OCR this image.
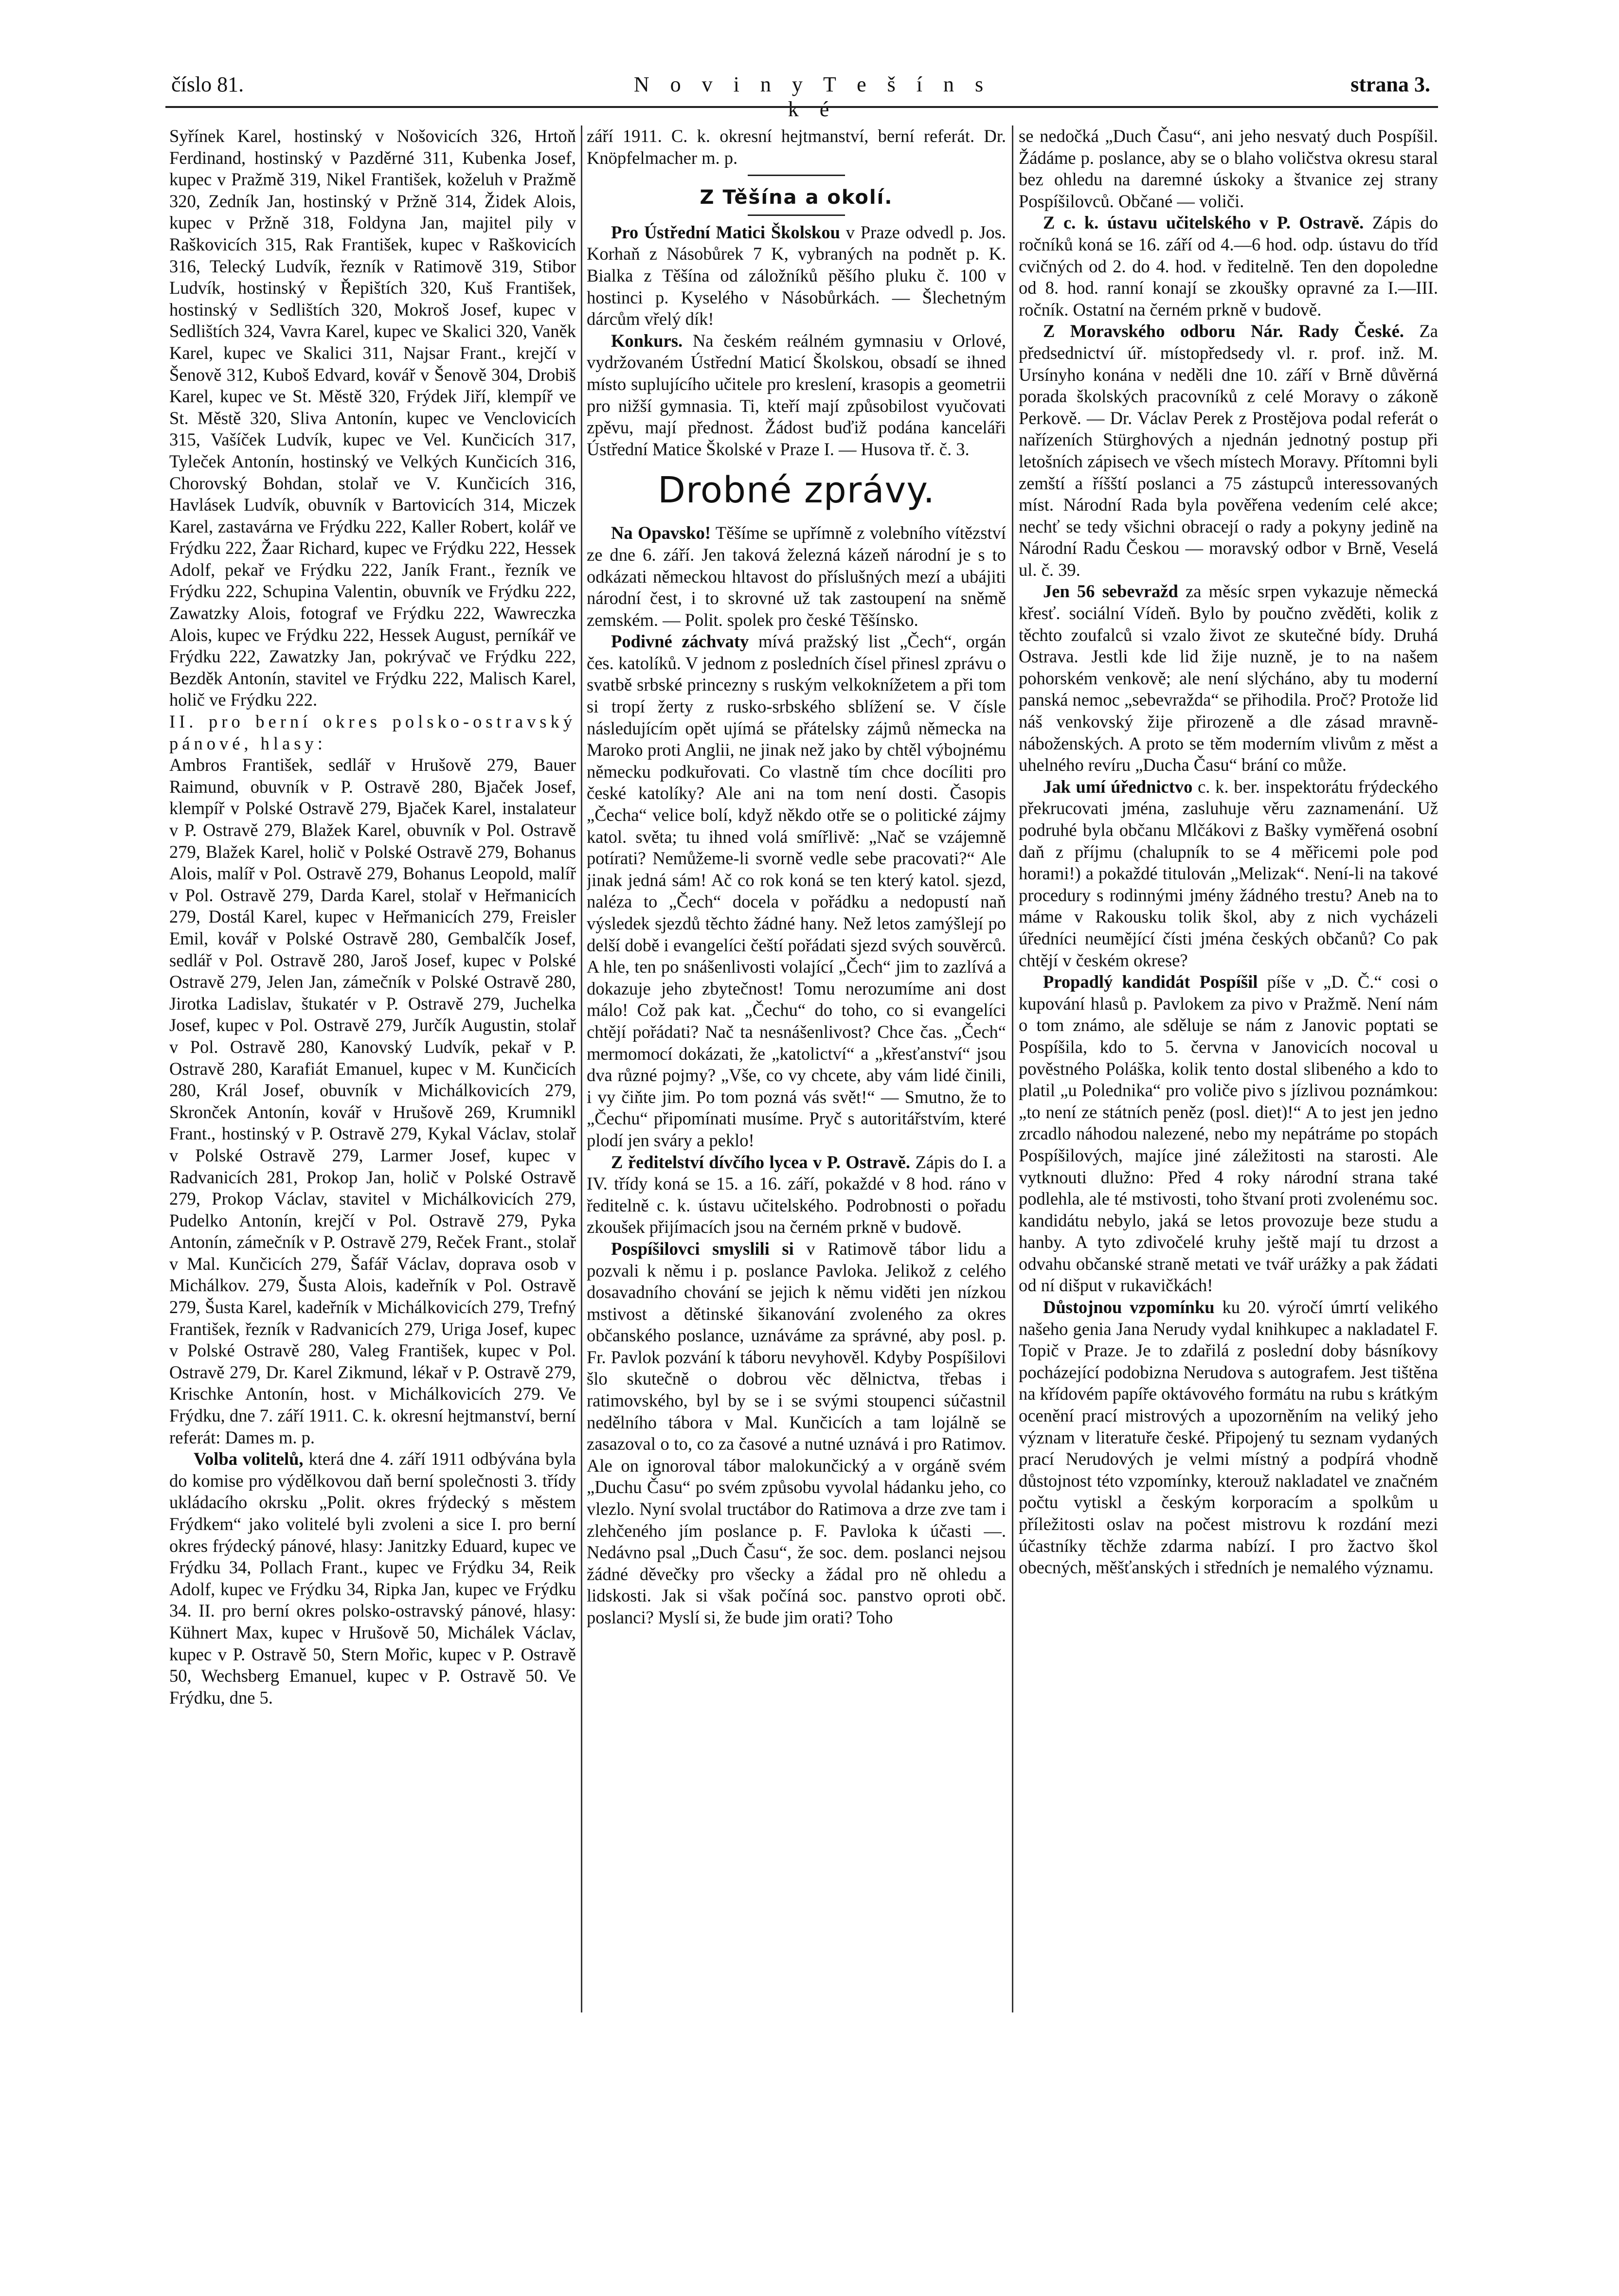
číslo 81.	N o v i n y T e š í n s k é
strana 3.

Syřínek Karel, hostinský v Nošovicích 326, Hrtoň Ferdinand, hostinský v Pazděrné 311, Kubenka Josef, kupec v Pražmě 319, Nikel František, koželuh v Pražmě 320, Zedník Jan, hostinský v Pržně 314, Židek Alois, kupec v Pržně 318, Foldyna Jan, majitel pily v Raškovicích 315, Rak František, kupec v Raškovicích 316, Telecký Ludvík, řezník v Ratimově 319, Stibor Ludvík, hostinský v Řepištích 320, Kuš František, hostinský v Sedlištích 320, Mokroš Josef, kupec v Sedlištích 324, Vavra Karel, kupec ve Skalici 320, Vaněk Karel, kupec ve Skalici 311, Najsar Frant., krejčí v Šenově 312, Kuboš Edvard, kovář v Šenově 304, Drobiš Karel, kupec ve St. Městě 320, Frýdek Jiří, klempíř ve St. Městě 320, Sliva Antonín, kupec ve Venclovicích 315, Vašíček Ludvík, kupec ve Vel. Kunčicích 317, Tyleček Antonín, hostinský ve Velkých Kunčicích 316, Chorovský Bohdan, stolař ve V. Kunčicích 316, Havlásek Ludvík, obuvník v Bartovicích 314, Miczek Karel, zastavárna ve Frýdku 222, Kaller Robert, kolář ve Frýdku 222, Žaar Richard, kupec ve Frýdku 222, Hessek Adolf, pekař ve Frýdku 222, Janík Frant., řezník ve Frýdku 222, Schupina Valentin, obuvník ve Frýdku 222, Zawatzky Alois, fotograf ve Frýdku 222, Wawreczka Alois, kupec ve Frýdku 222, Hessek August, perníkář ve Frýdku 222, Zawatzky Jan, pokrývač ve Frýdku 222, Bezděk Antonín, stavitel ve Frýdku 222, Malisch Karel, holič ve Frýdku 222.

II. pro berní okres polsko-ostravský pánové, hlasy:

Ambros František, sedlář v Hrušově 279, Bauer Raimund, obuvník v P. Ostravě 280, Bjaček Josef, klempíř v Polské Ostravě 279, Bjaček Karel, instalateur v P. Ostravě 279, Blažek Karel, obuvník v Pol. Ostravě 279, Blažek Karel, holič v Polské Ostravě 279, Bohanus Alois, malíř v Pol. Ostravě 279, Bohanus Leopold, malíř v Pol. Ostravě 279, Darda Karel, stolař v Heřmanicích 279, Dostál Karel, kupec v Heřmanicích 279, Freisler Emil, kovář v Polské Ostravě 280, Gembalčík Josef, sedlář v Pol. Ostravě 280, Jaroš Josef, kupec v Polské Ostravě 279, Jelen Jan, zámečník v Polské Ostravě 280, Jirotka Ladislav, štukatér v P. Ostravě 279, Juchelka Josef, kupec v Pol. Ostravě 279, Jurčík Augustin, stolař v Pol. Ostravě 280, Kanovský Ludvík, pekař v P. Ostravě 280, Karafiát Emanuel, kupec v M. Kunčicích 280, Král Josef, obuvník v Michálkovicích 279, Skronček Antonín, kovář v Hrušově 269, Krumnikl Frant., hostinský v P. Ostravě 279, Kykal Václav, stolař v Polské Ostravě 279, Larmer Josef, kupec v Radvanicích 281, Prokop Jan, holič v Polské Ostravě 279, Prokop Václav, stavitel v Michálkovicích 279, Pudelko Antonín, krejčí v Pol. Ostravě 279, Pyka Antonín, zámečník v P. Ostravě 279, Reček Frant., stolař v Mal. Kunčicích 279, Šafář Václav, doprava osob v Michálkov. 279, Šusta Alois, kadeřník v Pol. Ostravě 279, Šusta Karel, kadeřník v Michálkovicích 279, Trefný František, řezník v Radvanicích 279, Uriga Josef, kupec v Polské Ostravě 280, Valeg František, kupec v Pol. Ostravě 279, Dr. Karel Zikmund, lékař v P. Ostravě 279, Krischke Antonín, host. v Michálkovicích 279. Ve Frýdku, dne 7. září 1911. C. k. okresní hejtmanství, berní referát: Dames m. p.

Volba volitelů, která dne 4. září 1911 odbývána byla do komise pro výdělkovou daň berní společnosti 3. třídy ukládacího okrsku „Polit. okres frýdecký s městem Frýdkem“ jako volitelé byli zvoleni a sice I. pro berní okres frýdecký pánové, hlasy: Janitzky Eduard, kupec ve Frýdku 34, Pollach Frant., kupec ve Frýdku 34, Reik Adolf, kupec ve Frýdku 34, Ripka Jan, kupec ve Frýdku 34. II. pro berní okres polsko-ostravský pánové, hlasy: Kühnert Max, kupec v Hrušově 50, Michálek Václav, kupec v P. Ostravě 50, Stern Mořic, kupec v P. Ostravě 50, Wechsberg Emanuel, kupec v P. Ostravě 50. Ve Frýdku, dne 5.

září 1911. C. k. okresní hejtmanství, berní referát. Dr. Knöpfelmacher m. p.

Z Těšína a okolí.

Pro Ústřední Matici Školskou v Praze odvedl p. Jos. Korhaň z Násobůrek 7 K, vybraných na podnět p. K. Bialka z Těšína od záložníků pěšího pluku č. 100 v hostinci p. Kyselého v Násobůrkách. — Šlechetným dárcům vřelý dík!

Konkurs. Na českém reálném gymnasiu v Orlové, vydržovaném Ústřední Maticí Školskou, obsadí se ihned místo suplujícího učitele pro kreslení, krasopis a geometrii pro nižší gymnasia. Ti, kteří mají způsobilost vyučovati zpěvu, mají přednost. Žádost buďiž podána kanceláři Ústřední Matice Školské v Praze I. — Husova tř. č. 3.

Drobné zprávy.

Na Opavsko! Těšíme se upřímně z volebního vítězství ze dne 6. září. Jen taková železná kázeň národní je s to odkázati německou hltavost do příslušných mezí a ubájiti národní čest, i to skrovné už tak zastoupení na sněmě zemském. — Polit. spolek pro české Těšínsko.

Podivné záchvaty mívá pražský list „Čech“, orgán čes. katolíků. V jednom z posledních čísel přinesl zprávu o svatbě srbské princezny s ruským velkoknížetem a při tom si tropí žerty z rusko-srbského sblížení se. V čísle následujícím opět ujímá se přátelsky zájmů německa na Maroko proti Anglii, ne jinak než jako by chtěl výbojnému německu podkuřovati. Co vlastně tím chce docíliti pro české katolíky? Ale ani na tom není dosti. Časopis „Čecha“ velice bolí, když někdo otře se o politické zájmy katol. světa; tu ihned volá smířlivě: „Nač se vzájemně potírati? Nemůžeme-li svorně vedle sebe pracovati?“ Ale jinak jedná sám! Ač co rok koná se ten který katol. sjezd, naléza to „Čech“ docela v pořádku a nedopustí naň výsledek sjezdů těchto žádné hany. Než letos zamýšlejí po delší době i evangelíci čeští pořádati sjezd svých souvěrců. A hle, ten po snášenlivosti volající „Čech“ jim to zazlívá a dokazuje jeho zbytečnost! Tomu nerozumíme ani dost málo! Což pak kat. „Čechu“ do toho, co si evangelíci chtějí pořádati? Nač ta nesnášenlivost? Chce čas. „Čech“ mermomocí dokázati, že „katolictví“ a „křesťanství“ jsou dva různé pojmy? „Vše, co vy chcete, aby vám lidé činili, i vy čiňte jim. Po tom pozná vás svět!“ — Smutno, že to „Čechu“ připomínati musíme. Pryč s autoritářstvím, které plodí jen sváry a peklo!

Z ředitelství dívčího lycea v P. Ostravě. Zápis do I. a IV. třídy koná se 15. a 16. září, pokaždé v 8 hod. ráno v ředitelně c. k. ústavu učitelského. Podrobnosti o pořadu zkoušek přijímacích jsou na černém prkně v budově.

Pospíšilovci smyslili si v Ratimově tábor lidu a pozvali k němu i p. poslance Pavloka. Jelikož z celého dosavadního chování se jejich k němu viděti jen nízkou mstivost a dětinské šikanování zvoleného za okres občanského poslance, uznáváme za správné, aby posl. p. Fr. Pavlok pozvání k táboru nevyhověl. Kdyby Pospíšilovi šlo skutečně o dobrou věc dělnictva, třebas i ratimovského, byl by se i se svými stoupenci súčastnil nedělního tábora v Mal. Kunčicích a tam lojálně se zasazoval o to, co za časové a nutné uznává i pro Ratimov. Ale on ignoroval tábor malokunčický a v orgáně svém „Duchu Času“ po svém způsobu vyvolal hádanku jeho, co vlezlo. Nyní svolal tructábor do Ratimova a drze zve tam i zlehčeného jím poslance p. F. Pavloka k účasti —. Nedávno psal „Duch Času“, že soc. dem. poslanci nejsou žádné děvečky pro všecky a žádal pro ně ohledu a lidskosti. Jak si však počíná soc. panstvo oproti obč. poslanci? Myslí si, že bude jim orati? Toho

se nedočká „Duch Času“, ani jeho nesvatý duch Pospíšil. Žádáme p. poslance, aby se o blaho voličstva okresu staral bez ohledu na daremné úskoky a štvanice zej strany Pospíšilovců. Občané — voliči.

Z c. k. ústavu učitelského v P. Ostravě. Zápis do ročníků koná se 16. září od 4.—6 hod. odp. ústavu do tříd cvičných od 2. do 4. hod. v ředitelně. Ten den dopoledne od 8. hod. ranní konají se zkoušky opravné za I.—III. ročník. Ostatní na černém prkně v budově.

Z Moravského odboru Nár. Rady České. Za předsednictví úř. místopředsedy vl. r. prof. inž. M. Ursínyho konána v neděli dne 10. září v Brně důvěrná porada školských pracovníků z celé Moravy o zákoně Perkově. — Dr. Václav Perek z Prostějova podal referát o nařízeních Stürghových a njednán jednotný postup při letošních zápisech ve všech místech Moravy. Přítomni byli zemští a říšští poslanci a 75 zástupců interessovaných míst. Národní Rada byla pověřena vedením celé akce; nechť se tedy všichni obracejí o rady a pokyny jedině na Národní Radu Českou — moravský odbor v Brně, Veselá ul. č. 39.

Jen 56 sebevražd za měsíc srpen vykazuje německá křesť. sociální Vídeň. Bylo by poučno zvěděti, kolik z těchto zoufalců si vzalo život ze skutečné bídy. Druhá Ostrava. Jestli kde lid žije nuzně, je to na našem pohorském venkově; ale není slýcháno, aby tu moderní panská nemoc „sebevražda“ se přihodila. Proč? Protože lid náš venkovský žije přirozeně a dle zásad mravně-náboženských. A proto se těm moderním vlivům z měst a uhelného revíru „Ducha Času“ brání co může.

Jak umí úřednictvo c. k. ber. inspektorátu frýdeckého překrucovati jména, zasluhuje věru zaznamenání. Už podruhé byla občanu Mlčákovi z Bašky vyměřená osobní daň z příjmu (chalupník to se 4 měřicemi pole pod horami!) a pokaždé titulován „Melizak“. Není-li na takové procedury s rodinnými jmény žádného trestu? Aneb na to máme v Rakousku tolik škol, aby z nich vycházeli úředníci neumějící čísti jména českých občanů? Co pak chtějí v českém okrese?

Propadlý kandidát Pospíšil píše v „D. Č.“ cosi o kupování hlasů p. Pavlokem za pivo v Pražmě. Není nám o tom známo, ale sděluje se nám z Janovic poptati se Pospíšila, kdo to 5. června v Janovicích nocoval u pověstného Poláška, kolik tento dostal slibeného a kdo to platil „u Polednika“ pro voliče pivo s jízlivou poznámkou: „to není ze státních peněz (posl. diet)!“ A to jest jen jedno zrcadlo náhodou nalezené, nebo my nepátráme po stopách Pospíšilových, majíce jiné záležitosti na starosti. Ale vytknouti dlužno: Před 4 roky národní strana také podlehla, ale té mstivosti, toho štvaní proti zvolenému soc. kandidátu nebylo, jaká se letos provozuje beze studu a hanby. A tyto zdivočelé kruhy ještě mají tu drzost a odvahu občanské straně metati ve tvář urážky a pak žádati od ní dišput v rukavičkách!

Důstojnou vzpomínku ku 20. výročí úmrtí velikého našeho genia Jana Nerudy vydal knihkupec a nakladatel F. Topič v Praze. Je to zdařilá z poslední doby básníkovy pocházející podobizna Nerudova s autografem. Jest tištěna na křídovém papíře oktávového formátu na rubu s krátkým ocenění prací mistrových a upozorněním na veliký jeho význam v literatuře české. Připojený tu seznam vydaných prací Nerudových je velmi místný a podpírá vhodně důstojnost této vzpomínky, kterouž nakladatel ve značném počtu vytiskl a českým korporacím a spolkům u příležitosti oslav na počest mistrovu k rozdání mezi účastníky těchže zdarma nabízí. I pro žactvo škol obecných, měšťanských i středních je nemalého významu.
